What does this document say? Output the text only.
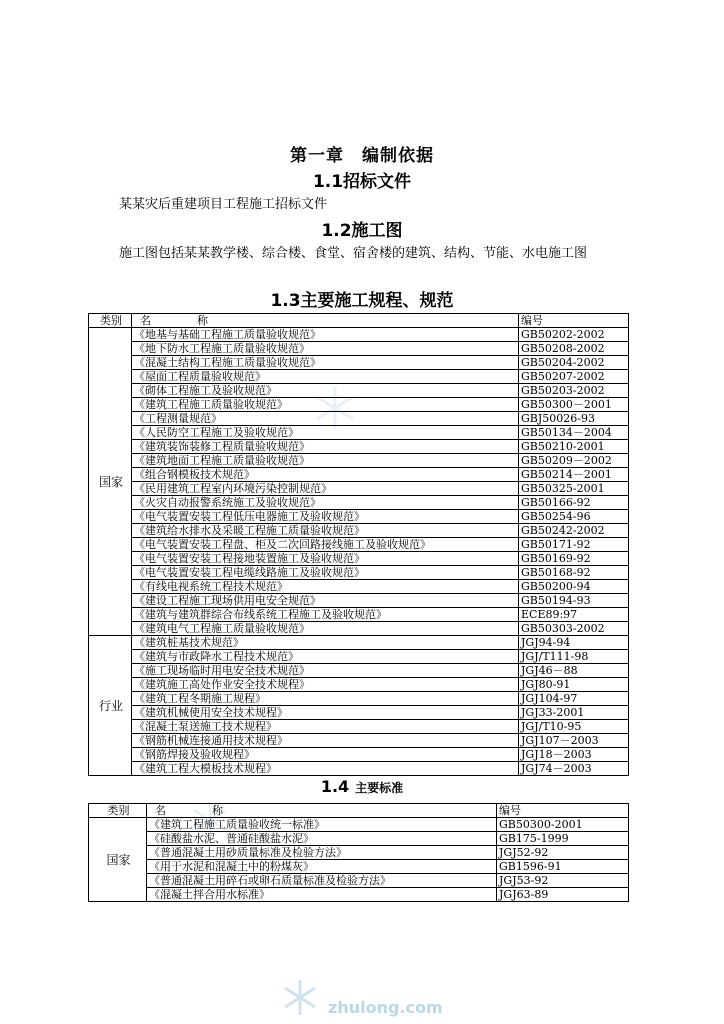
第一章　编制依据
1.1招标文件
某某灾后重建项目工程施工招标文件
1.2施工图
施工图包括某某教学楼、综合楼、食堂、宿舍楼的建筑、结构、节能、水电施工图
1.3主要施工规程、规范
类别	名 称	编号
国家	《地基与基础工程施工质量验收规范》	GB50202-2002
	《地下防水工程施工质量验收规范》	GB50208-2002
	《混凝土结构工程施工质量验收规范》	GB50204-2002
	《屋面工程质量验收规范》	GB50207-2002
	《砌体工程施工及验收规范》	GB50203-2002
	《建筑工程施工质量验收规范》	GB50300－2001
	《工程测量规范》	GBJ50026-93
	《人民防空工程施工及验收规范》	GB50134－2004
	《建筑装饰装修工程质量验收规范》	GB50210-2001
	《建筑地面工程施工质量验收规范》	GB50209－2002
	《组合钢模板技术规范》	GB50214－2001
	《民用建筑工程室内环境污染控制规范》	GB50325-2001
	《火灾自动报警系统施工及验收规范》	GB50166-92
	《电气装置安装工程低压电器施工及验收规范》	GB50254-96
	《建筑给水排水及采暖工程施工质量验收规范》	GB50242-2002
	《电气装置安装工程盘、柜及二次回路接线施工及验收规范》	GB50171-92
	《电气装置安装工程接地装置施工及验收规范》	GB50169-92
	《电气装置安装工程电缆线路施工及验收规范》	GB50168-92
	《有线电视系统工程技术规范》	GB50200-94
	《建设工程施工现场供用电安全规范》	GB50194-93
	《建筑与建筑群综合布线系统工程施工及验收规范》	ECE89:97
	《建筑电气工程施工质量验收规范》	GB50303-2002
行业	《建筑桩基技术规范》	JGJ94-94
	《建筑与市政降水工程技术规范》	JGJ/T111-98
	《施工现场临时用电安全技术规范》	JGJ46－88
	《建筑施工高处作业安全技术规程》	JGJ80-91
	《建筑工程冬期施工规程》	JGJ104-97
	《建筑机械使用安全技术规程》	JGJ33-2001
	《混凝土泵送施工技术规程》	JGJ/T10-95
	《钢筋机械连接通用技术规程》	JGJ107－2003
	《钢筋焊接及验收规程》	JGJ18－2003
	《建筑工程大模板技术规程》	JGJ74－2003
1.4 主要标准
类别	名 称	编号
国家	《建筑工程施工质量验收统一标准》	GB50300-2001
	《硅酸盐水泥、普通硅酸盐水泥》	GB175-1999
	《普通混凝土用砂质量标准及检验方法》	JGJ52-92
	《用于水泥和混凝土中的粉煤灰》	GB1596-91
	《普通混凝土用碎石或卵石质量标准及检验方法》	JGJ53-92
	《混凝土拌合用水标准》	JGJ63-89
zhulong.com
